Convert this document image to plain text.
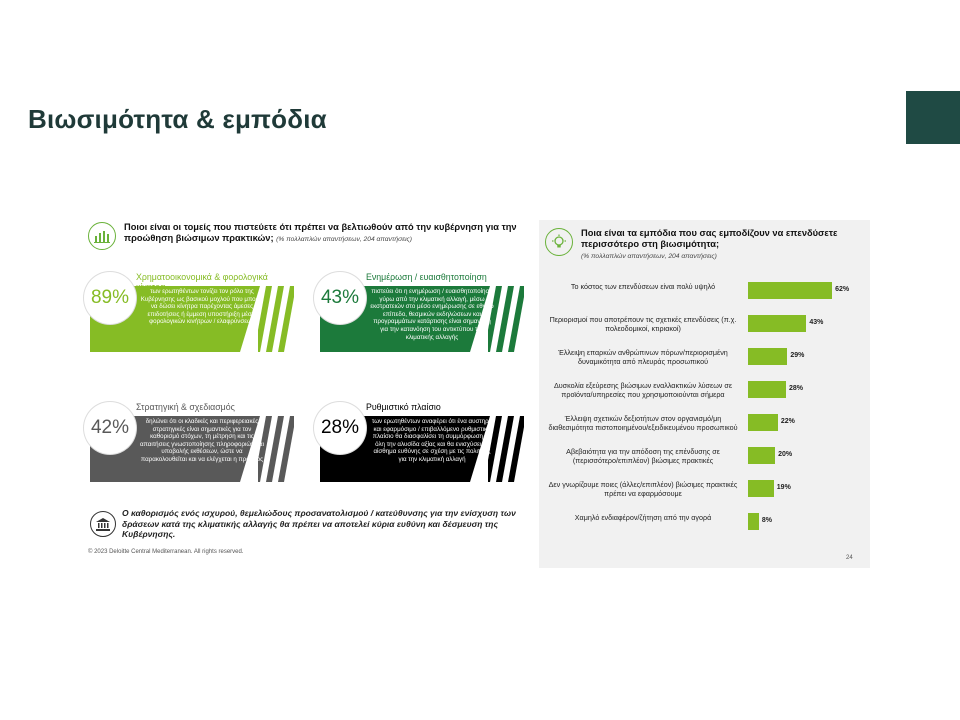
Βιωσιμότητα & εμπόδια
Ποιοι είναι οι τομείς που πιστεύετε ότι πρέπει να βελτιωθούν από την κυβέρνηση για την προώθηση βιώσιμων πρακτικών; (% πολλαπλών απαντήσεων, 204 απαντήσεις)
89%
Χρηματοοικονομικά & φορολογικά κίνητρα
των ερωτηθέντων τονίζει τον ρόλο της Κυβέρνησης ως βασικού μοχλού που μπορεί να δώσει κίνητρα παρέχοντας άμεσες επιδοτήσεις ή έμμεση υποστήριξη μέσω φορολογικών κινήτρων / ελαφρύνσεων
43%
Ενημέρωση / ευαισθητοποίηση
πιστεύει ότι η ενημέρωση / ευαισθητοποίηση γύρω από την κλιματική αλλαγή, μέσω εκστρατειών στο μέσο ενημέρωσης σε εθνικό επίπεδο, θεσμικών εκδηλώσεων και προγραμμάτων κατάρτισης είναι σημαντική για την κατανόηση του αντικτύπου της κλιματικής αλλαγής
42%
Στρατηγική & σχεδιασμός
δηλώνει ότι οι κλαδικές και περιφερειακές στρατηγικές είναι σημαντικές για τον καθορισμό στόχων, τη μέτρηση και τις απαιτήσεις γνωστοποίησης πληροφοριών και υποβολής εκθέσεων, ώστε να παρακολουθείται και να ελέγχεται η πρόοδος
28%
Ρυθμιστικό πλαίσιο
των ερωτηθέντων αναφέρει ότι ένα αυστηρό και εφαρμόσιμο / επιβαλλόμενο ρυθμιστικό πλαίσιο θα διασφαλίσει τη συμμόρφωση σε όλη την αλυσίδα αξίας και θα ενισχύσει το αίσθημα ευθύνης σε σχέση με τις πολιτικές για την κλιματική αλλαγή
Ο καθορισμός ενός ισχυρού, θεμελιώδους προσανατολισμού / κατεύθυνσης για την ενίσχυση των δράσεων κατά της κλιματικής αλλαγής θα πρέπει να αποτελεί κύρια ευθύνη και δέσμευση της Κυβέρνησης.
© 2023 Deloitte Central Mediterranean. All rights reserved.
Ποια είναι τα εμπόδια που σας εμποδίζουν να επενδύσετε περισσότερο στη βιωσιμότητα;
(% πολλαπλών απαντήσεων, 204 απαντήσεις)
Το κόστος των επενδύσεων είναι πολύ υψηλό	62%
Περιορισμοί που αποτρέπουν τις σχετικές επενδύσεις (π.χ. πολεοδομικοί, κτιριακοί)
43%
Έλλειψη επαρκών ανθρώπινων πόρων/περιορισμένη δυναμικότητα από πλευράς προσωπικού
29%
Δυσκολία εξεύρεσης βιώσιμων εναλλακτικών λύσεων σε προϊόντα/υπηρεσίες που χρησιμοποιούνται σήμερα
28%
Έλλειψη σχετικών δεξιοτήτων στον οργανισμό/μη διαθεσιμότητα πιστοποιημένου/εξειδικευμένου προσωπικού
22%
Αβεβαιότητα για την απόδοση της επένδυσης σε (περισσότερο/επιπλέον) βιώσιμες πρακτικές
20%
Δεν γνωρίζουμε ποιες (άλλες/επιπλέον) βιώσιμες πρακτικές πρέπει να εφαρμόσουμε
19%
Χαμηλό ενδιαφέρον/ζήτηση από την αγορά	8%
24
